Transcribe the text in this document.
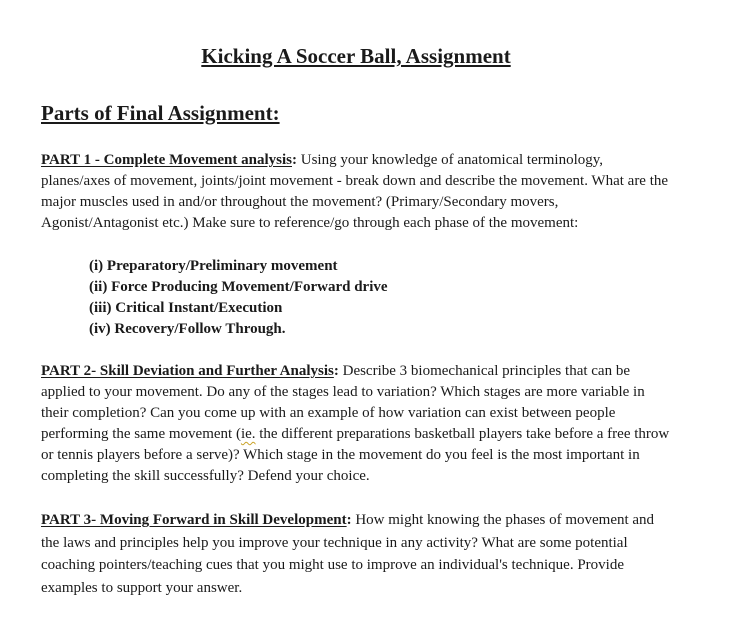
Kicking A Soccer Ball, Assignment
Parts of Final Assignment:

PART 1 - Complete Movement analysis: Using your knowledge of anatomical terminology, planes/axes of movement, joints/joint movement - break down and describe the movement. What are the major muscles used in and/or throughout the movement? (Primary/Secondary movers, Agonist/Antagonist etc.) Make sure to reference/go through each phase of the movement:

(i) Preparatory/Preliminary movement
(ii) Force Producing Movement/Forward drive
(iii) Critical Instant/Execution
(iv) Recovery/Follow Through.

PART 2- Skill Deviation and Further Analysis: Describe 3 biomechanical principles that can be applied to your movement. Do any of the stages lead to variation? Which stages are more variable in their completion? Can you come up with an example of how variation can exist between people performing the same movement (ie. the different preparations basketball players take before a free throw or tennis players before a serve)? Which stage in the movement do you feel is the most important in completing the skill successfully? Defend your choice.

PART 3- Moving Forward in Skill Development: How might knowing the phases of movement and the laws and principles help you improve your technique in any activity? What are some potential coaching pointers/teaching cues that you might use to improve an individual's technique. Provide examples to support your answer.
